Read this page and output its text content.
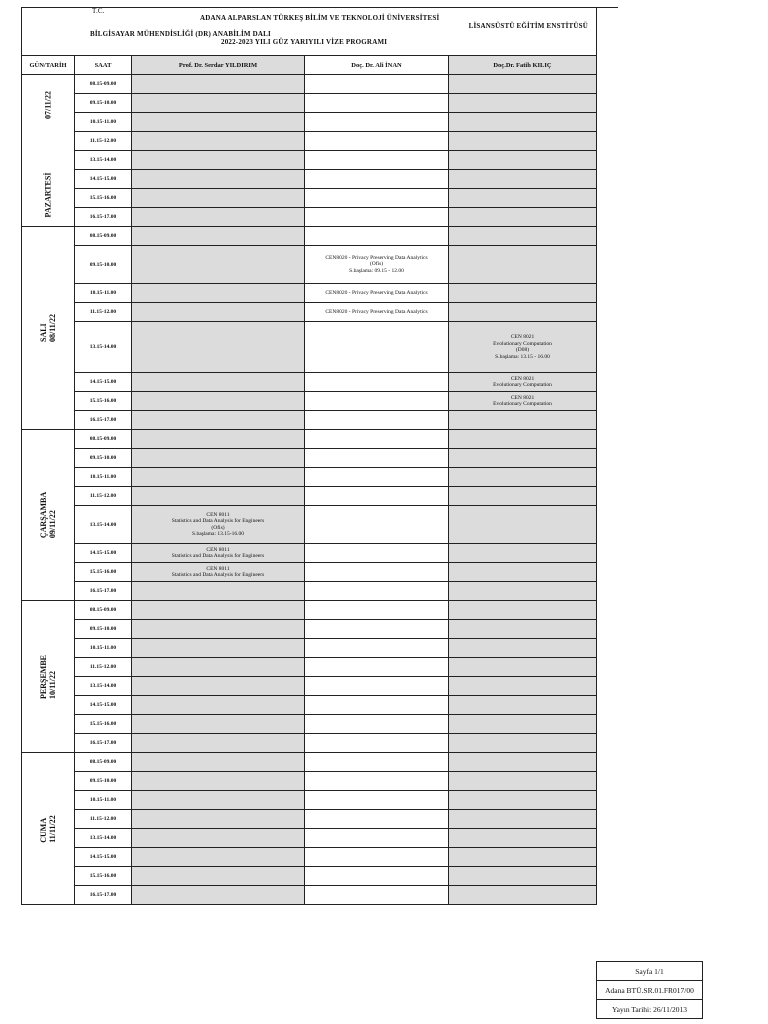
T.C.
ADANA ALPARSLAN TÜRKEŞ BİLİM VE TEKNOLOJİ ÜNİVERSİTESİ
LİSANSÜSTÜ EĞİTİM ENSTİTÜSÜ
BİLGİSAYAR MÜHENDİSLİĞİ (DR) ANABİLİM DALI
2022-2023 YILI GÜZ YARIYILI VİZE PROGRAMI
GÜN/TARİH	SAAT	Prof. Dr. Serdar YILDIRIM	Doç. Dr. Ali İNAN	Doç.Dr. Fatih KILIÇ

07/11/22
PAZARTESİ	08.15-09.00			
	09.15-10.00			
	10.15-11.00			
	11.15-12.00			
	13.15-14.00			
	14.15-15.00			
	15.15-16.00			
	16.15-17.00			

SALI 08/11/22	08.15-09.00			
	09.15-10.00		CEN8020 - Privacy Preserving Data Analytics
(Ofis)
S.başlama: 09.15 - 12.00	

	10.15-11.00		CEN8020 - Privacy Preserving Data Analytics	

	11.15-12.00		CEN8020 - Privacy Preserving Data Analytics	

	13.15-14.00			CEN 8021
Evolutionary Computation
(D08)
S.başlama: 13.15 - 16.00

	14.15-15.00			CEN 8021
Evolutionary Computation

	15.15-16.00			CEN 8021
Evolutionary Computation

	16.15-17.00			

ÇARŞAMBA 09/11/22	08.15-09.00			
	09.15-10.00			
	10.15-11.00			
	11.15-12.00			
	13.15-14.00	CEN 8011
Statistics and Data Analysis for Engineers
(Ofis)
S.başlama: 13.15-16.00		

	14.15-15.00	CEN 8011
Statistics and Data Analysis for Engineers		

	15.15-16.00	CEN 8011
Statistics and Data Analysis for Engineers		

	16.15-17.00			

PERŞEMBE 10/11/22	08.15-09.00			
	09.15-10.00			
	10.15-11.00			
	11.15-12.00			
	13.15-14.00			
	14.15-15.00			
	15.15-16.00			
	16.15-17.00			

CUMA 11/11/22	08.15-09.00			
	09.15-10.00			
	10.15-11.00			
	11.15-12.00			
	13.15-14.00			
	14.15-15.00			
	15.15-16.00			
	16.15-17.00			
Sayfa 1/1
Adana BTÜ.SR.01.FR017/00
Yayın Tarihi: 26/11/2013
